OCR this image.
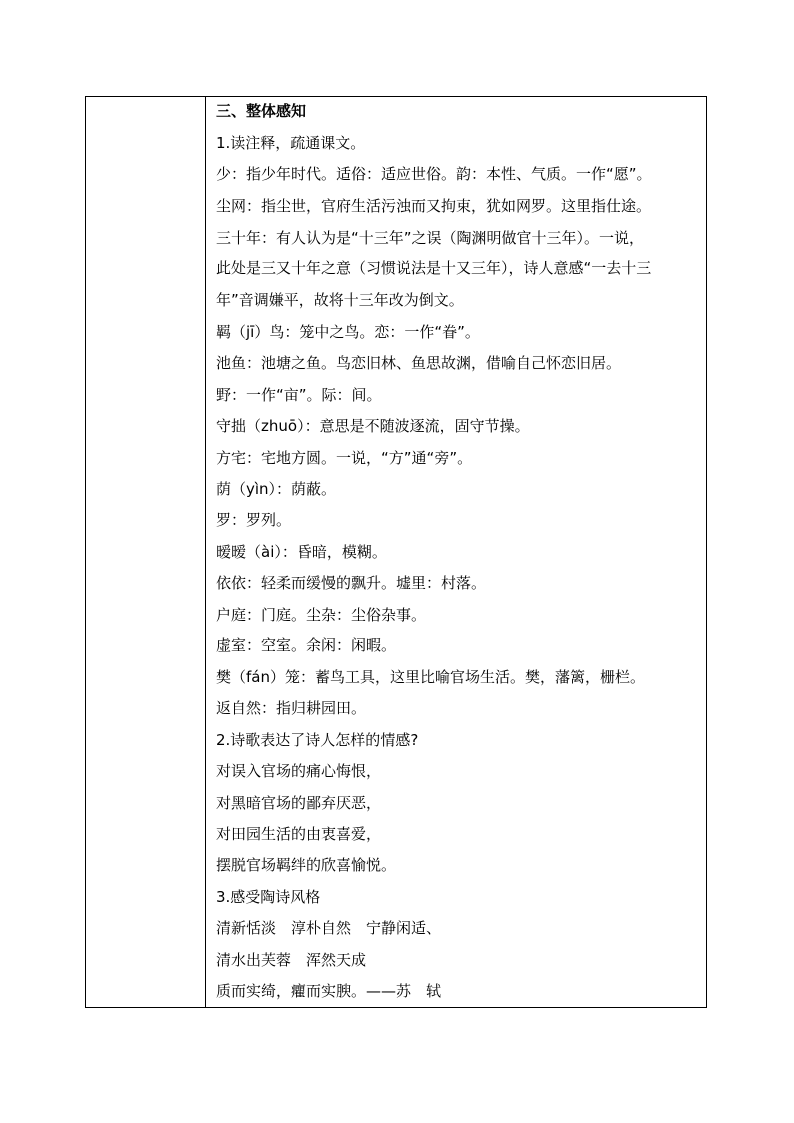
三、整体感知
1.读注释，疏通课文。
少：指少年时代。适俗：适应世俗。韵：本性、气质。一作“愿”。
尘网：指尘世，官府生活污浊而又拘束，犹如网罗。这里指仕途。
三十年：有人认为是“十三年”之误（陶渊明做官十三年）。一说，
此处是三又十年之意（习惯说法是十又三年），诗人意感“一去十三
年”音调嫌平，故将十三年改为倒文。
羁（jī）鸟：笼中之鸟。恋：一作“眷”。
池鱼：池塘之鱼。鸟恋旧林、鱼思故渊，借喻自己怀恋旧居。
野：一作“亩”。际：间。
守拙（zhuō）：意思是不随波逐流，固守节操。
方宅：宅地方圆。一说，“方”通“旁”。
荫（yìn）：荫蔽。
罗：罗列。
暧暧（ài）：昏暗，模糊。
依依：轻柔而缓慢的飘升。墟里：村落。
户庭：门庭。尘杂：尘俗杂事。
虚室：空室。余闲：闲暇。
樊（fán）笼：蓄鸟工具，这里比喻官场生活。樊，藩篱，栅栏。
返自然：指归耕园田。
2.诗歌表达了诗人怎样的情感?
对误入官场的痛心悔恨，
对黑暗官场的鄙弃厌恶，
对田园生活的由衷喜爱，
摆脱官场羁绊的欣喜愉悦。
3.感受陶诗风格
清新恬淡　淳朴自然　宁静闲适、
清水出芙蓉　浑然天成
质而实绮，癯而实腴。——苏　轼
